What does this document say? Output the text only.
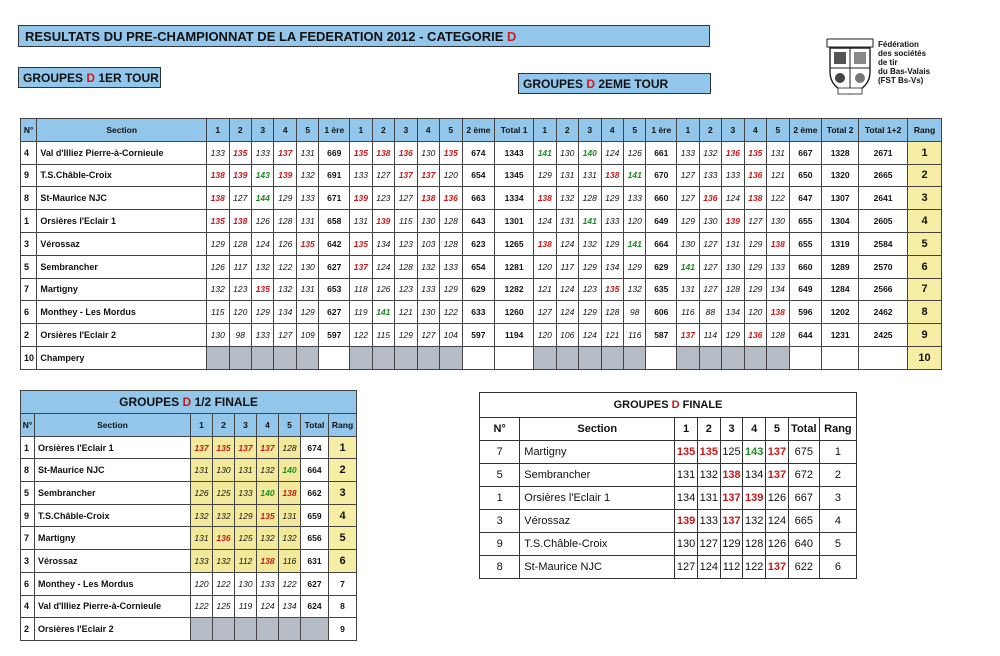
RESULTATS DU PRE-CHAMPIONNAT DE LA FEDERATION 2012 - CATEGORIE D
GROUPES D 1ER TOUR	GROUPES D 2EME TOUR
Fédération
des sociétés
de tir
du Bas-Valais
(FST Bs-Vs)
N°	Section	1	2	3	4	5	1 ère	1	2	3	4	5	2 ème	Total 1	1	2	3	4	5	1 ère	1	2	3	4	5	2 ème	Total 2	Total 1+2	Rang
4	Val d'Illiez Pierre-à-Cornieule	133	135	133	137	131	669	135	138	136	130	135	674	1343	141	130	140	124	126	661	133	132	136	135	131	667	1328	2671	1
9	T.S.Châble-Croix	138	139	143	139	132	691	133	127	137	137	120	654	1345	129	131	131	138	141	670	127	133	133	136	121	650	1320	2665	2
8	St-Maurice NJC	138	127	144	129	133	671	139	123	127	138	136	663	1334	138	132	128	129	133	660	127	136	124	138	122	647	1307	2641	3
1	Orsières l'Eclair 1	135	138	126	128	131	658	131	139	115	130	128	643	1301	124	131	141	133	120	649	129	130	139	127	130	655	1304	2605	4
3	Vérossaz	129	128	124	126	135	642	135	134	123	103	128	623	1265	138	124	132	129	141	664	130	127	131	129	138	655	1319	2584	5
5	Sembrancher	126	117	132	122	130	627	137	124	128	132	133	654	1281	120	117	129	134	129	629	141	127	130	129	133	660	1289	2570	6
7	Martigny	132	123	135	132	131	653	118	126	123	133	129	629	1282	121	124	123	135	132	635	131	127	128	129	134	649	1284	2566	7
6	Monthey - Les Mordus	115	120	129	134	129	627	119	141	121	130	122	633	1260	127	124	129	128	98	606	116	88	134	120	138	596	1202	2462	8
2	Orsières l'Eclair 2	130	98	133	127	109	597	122	115	129	127	104	597	1194	120	106	124	121	116	587	137	114	129	136	128	644	1231	2425	9
10	Champery																												10
GROUPES D 1/2 FINALE								
N°	Section	1	2	3	4	5	Total	Rang
1	Orsières l'Eclair 1	137	135	137	137	128	674	1
8	St-Maurice NJC	131	130	131	132	140	664	2
5	Sembrancher	126	125	133	140	138	662	3
9	T.S.Châble-Croix	132	132	129	135	131	659	4
7	Martigny	131	136	125	132	132	656	5
3	Vérossaz	133	132	112	138	116	631	6
6	Monthey - Les Mordus	120	122	130	133	122	627	7
4	Val d'Illiez Pierre-à-Cornieule	122	125	119	124	134	624	8
2	Orsières l'Eclair 2							9
GROUPES D FINALE								
N°	Section	1	2	3	4	5	Total	Rang
7	Martigny	135	135	125	143	137	675	1
5	Sembrancher	131	132	138	134	137	672	2
1	Orsières l'Eclair 1	134	131	137	139	126	667	3
3	Vérossaz	139	133	137	132	124	665	4
9	T.S.Châble-Croix	130	127	129	128	126	640	5
8	St-Maurice NJC	127	124	112	122	137	622	6
